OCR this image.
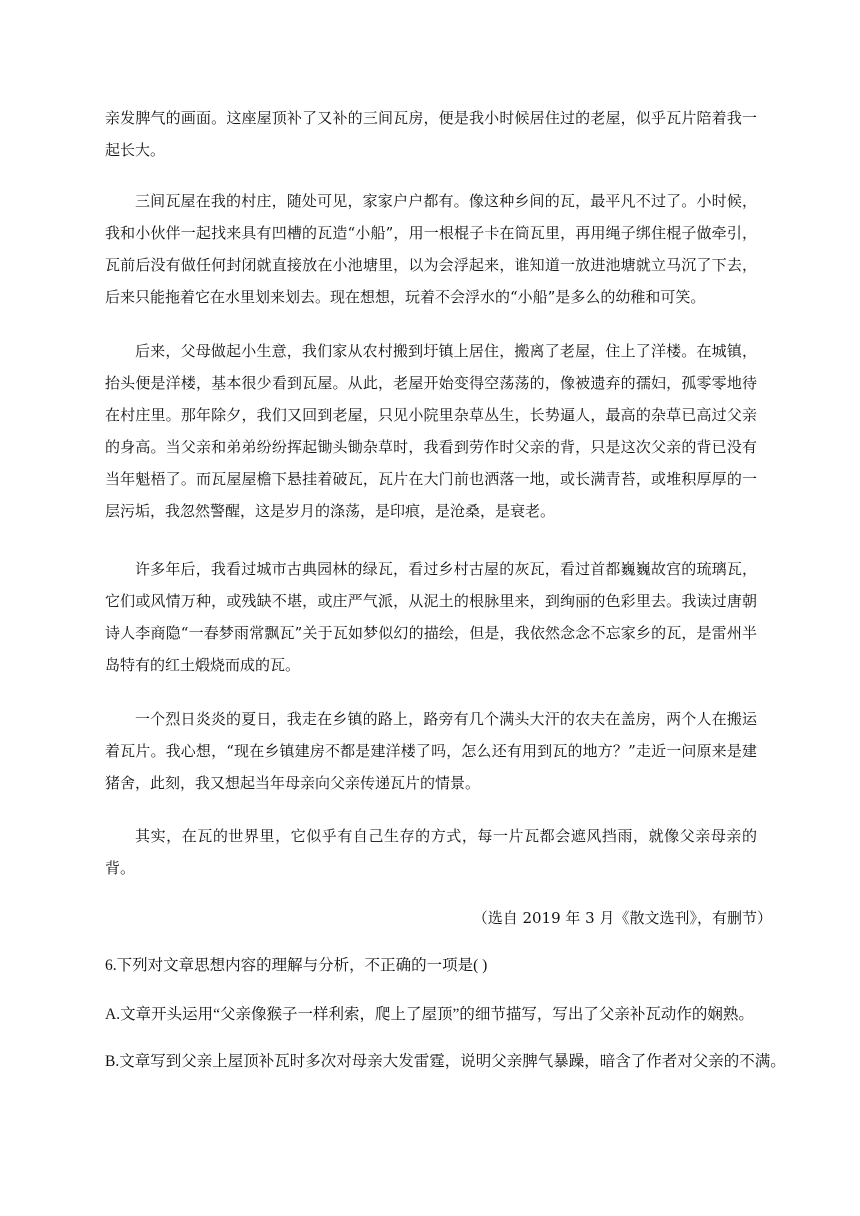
亲发脾气的画面。这座屋顶补了又补的三间瓦房，便是我小时候居住过的老屋，似乎瓦片陪着我一起长大。

三间瓦屋在我的村庄，随处可见，家家户户都有。像这种乡间的瓦，最平凡不过了。小时候，我和小伙伴一起找来具有凹槽的瓦造“小船”，用一根棍子卡在筒瓦里，再用绳子绑住棍子做牵引，瓦前后没有做任何封闭就直接放在小池塘里，以为会浮起来，谁知道一放进池塘就立马沉了下去，后来只能拖着它在水里划来划去。现在想想，玩着不会浮水的“小船”是多么的幼稚和可笑。

后来，父母做起小生意，我们家从农村搬到圩镇上居住，搬离了老屋，住上了洋楼。在城镇，抬头便是洋楼，基本很少看到瓦屋。从此，老屋开始变得空荡荡的，像被遗弃的孺妇，孤零零地待在村庄里。那年除夕，我们又回到老屋，只见小院里杂草丛生，长势逼人，最高的杂草已高过父亲的身高。当父亲和弟弟纷纷挥起锄头锄杂草时，我看到劳作时父亲的背，只是这次父亲的背已没有当年魁梧了。而瓦屋屋檐下悬挂着破瓦，瓦片在大门前也洒落一地，或长满青苔，或堆积厚厚的一层污垢，我忽然警醒，这是岁月的涤荡，是印痕，是沧桑，是衰老。

许多年后，我看过城市古典园林的绿瓦，看过乡村古屋的灰瓦，看过首都巍巍故宫的琉璃瓦，它们或风情万种，或残缺不堪，或庄严气派，从泥土的根脉里来，到绚丽的色彩里去。我读过唐朝诗人李商隐“一春梦雨常飘瓦”关于瓦如梦似幻的描绘，但是，我依然念念不忘家乡的瓦，是雷州半岛特有的红土煅烧而成的瓦。

一个烈日炎炎的夏日，我走在乡镇的路上，路旁有几个满头大汗的农夫在盖房，两个人在搬运着瓦片。我心想，“现在乡镇建房不都是建洋楼了吗，怎么还有用到瓦的地方？”走近一问原来是建猪舍，此刻，我又想起当年母亲向父亲传递瓦片的情景。

其实，在瓦的世界里，它似乎有自己生存的方式，每一片瓦都会遮风挡雨，就像父亲母亲的背。

（选自 2019 年 3 月《散文选刊》，有删节）

6.下列对文章思想内容的理解与分析，不正确的一项是( )

A.文章开头运用“父亲像猴子一样利索，爬上了屋顶”的细节描写，写出了父亲补瓦动作的娴熟。

B.文章写到父亲上屋顶补瓦时多次对母亲大发雷霆，说明父亲脾气暴躁，暗含了作者对父亲的不满。
